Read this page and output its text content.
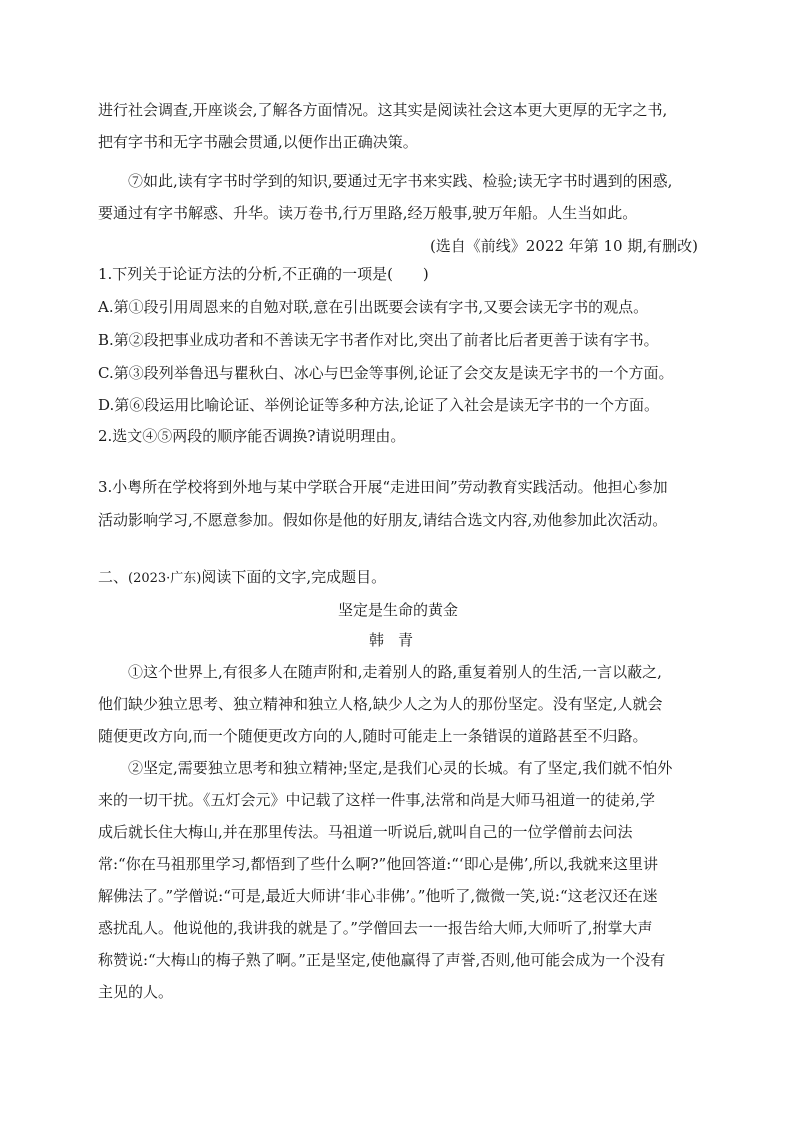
进行社会调查,开座谈会,了解各方面情况。这其实是阅读社会这本更大更厚的无字之书,
把有字书和无字书融会贯通,以便作出正确决策。
⑦如此,读有字书时学到的知识,要通过无字书来实践、检验;读无字书时遇到的困惑,
要通过有字书解惑、升华。读万卷书,行万里路,经万般事,驶万年船。人生当如此。
(选自《前线》2022 年第 10 期,有删改)
1.下列关于论证方法的分析,不正确的一项是(　　)
A.第①段引用周恩来的自勉对联,意在引出既要会读有字书,又要会读无字书的观点。
B.第②段把事业成功者和不善读无字书者作对比,突出了前者比后者更善于读有字书。
C.第③段列举鲁迅与瞿秋白、冰心与巴金等事例,论证了会交友是读无字书的一个方面。
D.第⑥段运用比喻论证、举例论证等多种方法,论证了入社会是读无字书的一个方面。
2.选文④⑤两段的顺序能否调换?请说明理由。
3.小粤所在学校将到外地与某中学联合开展“走进田间”劳动教育实践活动。他担心参加
活动影响学习,不愿意参加。假如你是他的好朋友,请结合选文内容,劝他参加此次活动。
二、(2023·广东)阅读下面的文字,完成题目。
坚定是生命的黄金
韩青
①这个世界上,有很多人在随声附和,走着别人的路,重复着别人的生活,一言以蔽之,
他们缺少独立思考、独立精神和独立人格,缺少人之为人的那份坚定。没有坚定,人就会
随便更改方向,而一个随便更改方向的人,随时可能走上一条错误的道路甚至不归路。
②坚定,需要独立思考和独立精神;坚定,是我们心灵的长城。有了坚定,我们就不怕外
来的一切干扰。《五灯会元》中记载了这样一件事,法常和尚是大师马祖道一的徒弟,学
成后就长住大梅山,并在那里传法。马祖道一听说后,就叫自己的一位学僧前去问法
常:“你在马祖那里学习,都悟到了些什么啊?”他回答道:“‘即心是佛’,所以,我就来这里讲
解佛法了。”学僧说:“可是,最近大师讲‘非心非佛’。”他听了,微微一笑,说:“这老汉还在迷
惑扰乱人。他说他的,我讲我的就是了。”学僧回去一一报告给大师,大师听了,拊掌大声
称赞说:“大梅山的梅子熟了啊。”正是坚定,使他赢得了声誉,否则,他可能会成为一个没有
主见的人。
